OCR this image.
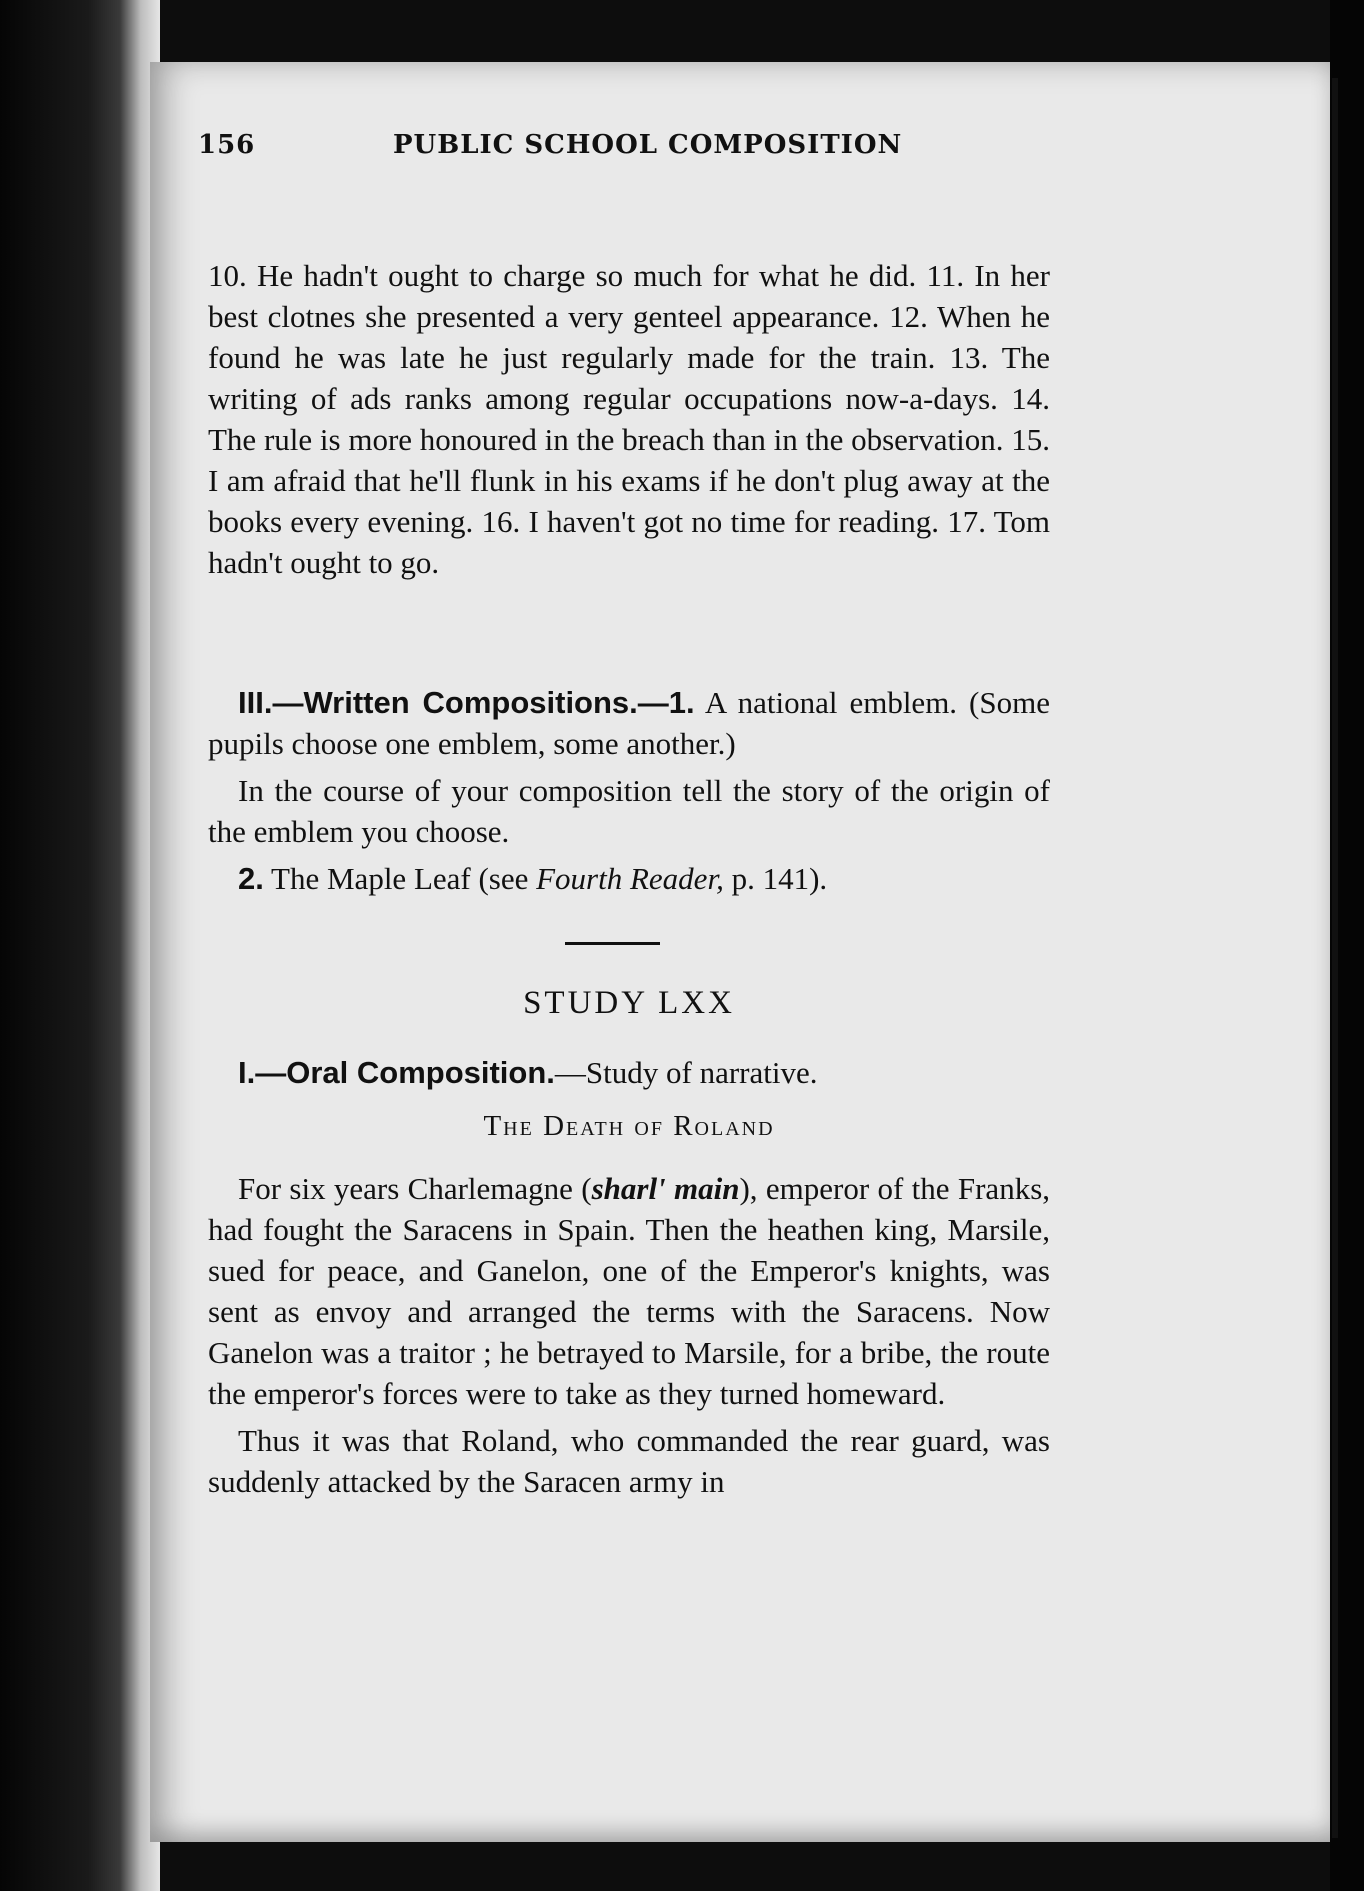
156	PUBLIC SCHOOL COMPOSITION

10. He hadn't ought to charge so much for what he did. 11. In her best clotnes she presented a very genteel appearance. 12. When he found he was late he just regularly made for the train. 13. The writing of ads ranks among regular occupations now-a-days. 14. The rule is more honoured in the breach than in the observation. 15. I am afraid that he'll flunk in his exams if he don't plug away at the books every evening. 16. I haven't got no time for reading. 17. Tom hadn't ought to go.

III.—Written Compositions.—1. A national emblem. (Some pupils choose one emblem, some another.)

In the course of your composition tell the story of the origin of the emblem you choose.

2. The Maple Leaf (see Fourth Reader, p. 141).

STUDY LXX

I.—Oral Composition.—Study of narrative.

The Death of Roland

For six years Charlemagne (sharl' main), emperor of the Franks, had fought the Saracens in Spain. Then the heathen king, Marsile, sued for peace, and Ganelon, one of the Emperor's knights, was sent as envoy and arranged the terms with the Saracens. Now Ganelon was a traitor ; he betrayed to Marsile, for a bribe, the route the emperor's forces were to take as they turned homeward.

Thus it was that Roland, who commanded the rear guard, was suddenly attacked by the Saracen army in
